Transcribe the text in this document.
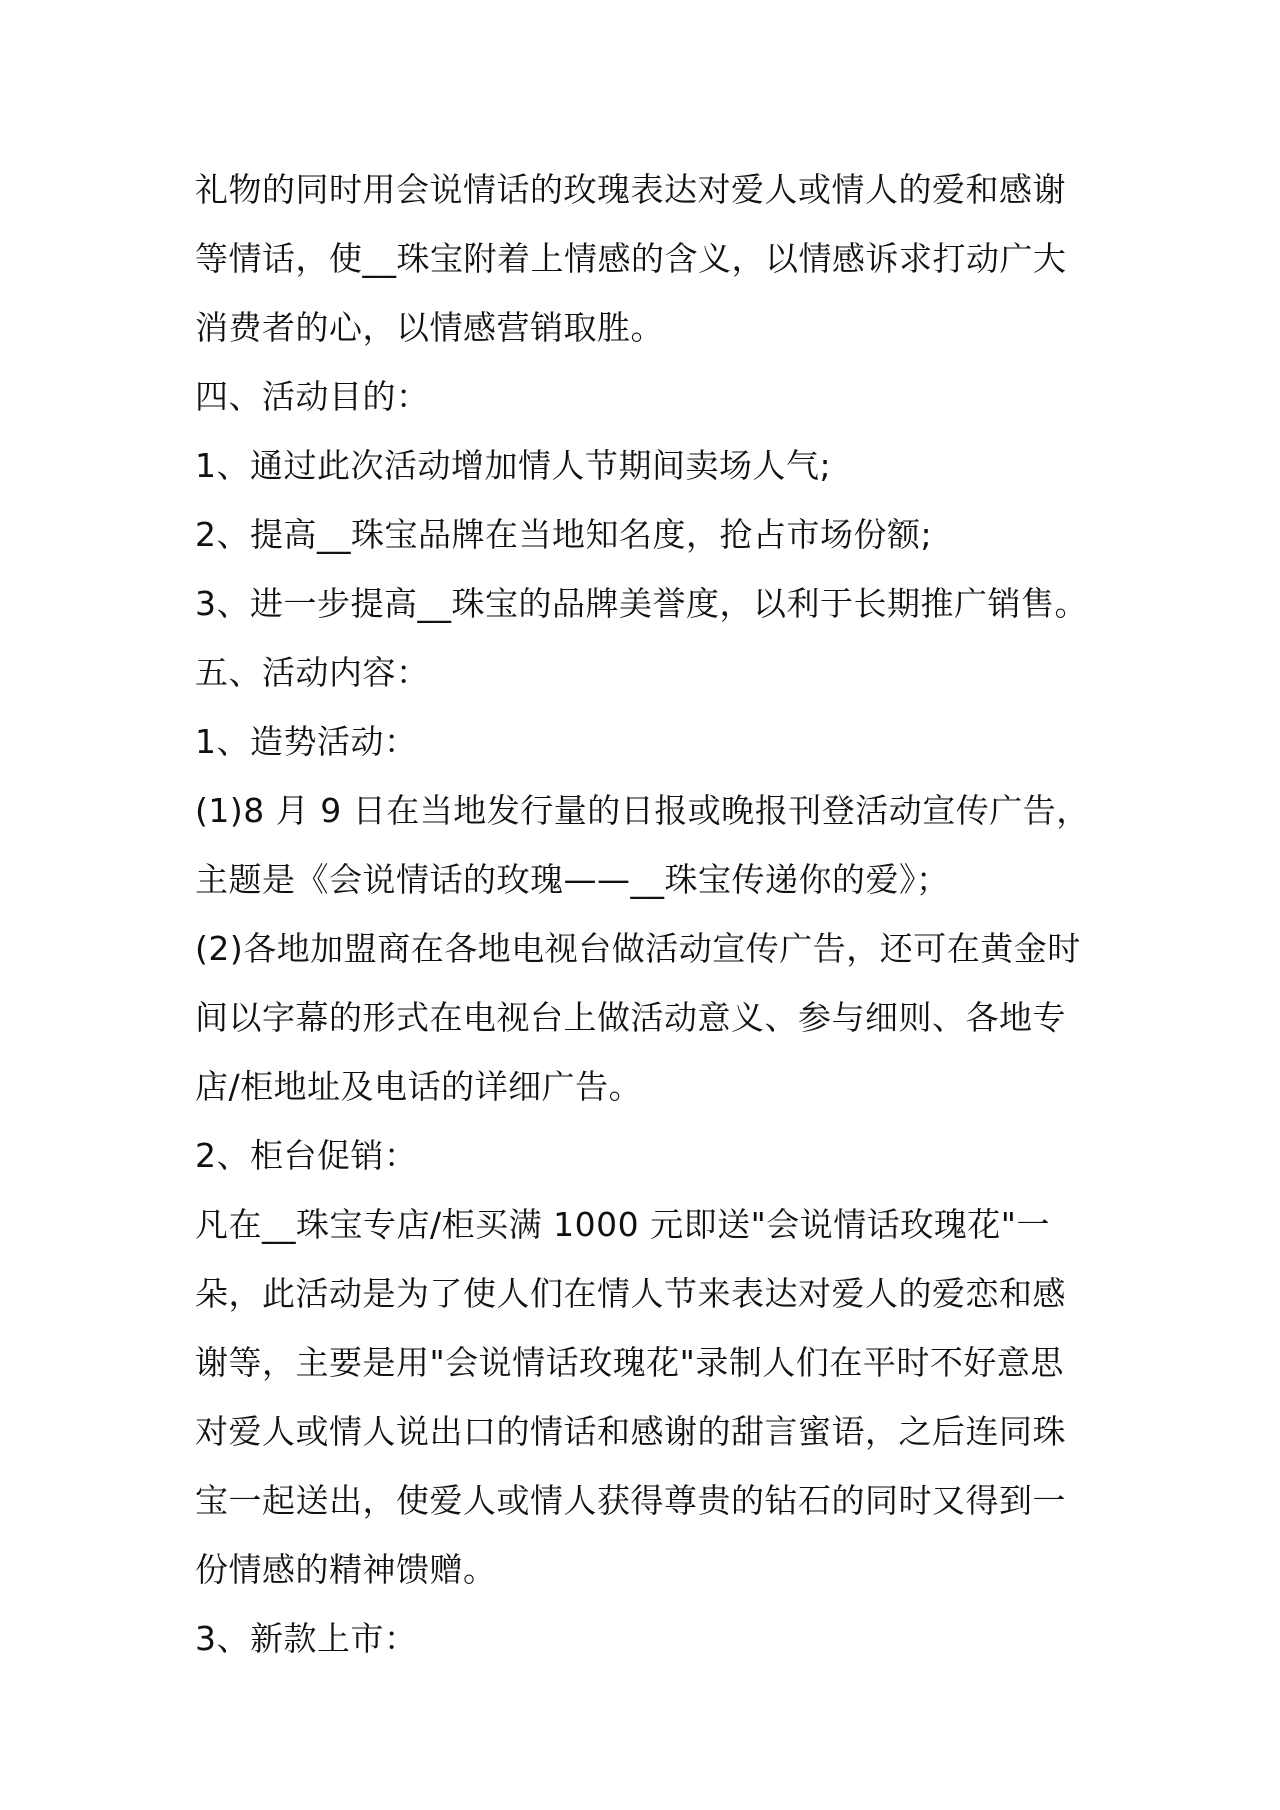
礼物的同时用会说情话的玫瑰表达对爱人或情人的爱和感谢等情话，使__珠宝附着上情感的含义，以情感诉求打动广大消费者的心，以情感营销取胜。

四、活动目的：

1、通过此次活动增加情人节期间卖场人气;

2、提高__珠宝品牌在当地知名度，抢占市场份额;

3、进一步提高__珠宝的品牌美誉度，以利于长期推广销售。

五、活动内容：

1、造势活动：

(1)8 月 9 日在当地发行量的日报或晚报刊登活动宣传广告，主题是《会说情话的玫瑰——__珠宝传递你的爱》；

(2)各地加盟商在各地电视台做活动宣传广告，还可在黄金时间以字幕的形式在电视台上做活动意义、参与细则、各地专店/柜地址及电话的详细广告。

2、柜台促销：

凡在__珠宝专店/柜买满 1000 元即送"会说情话玫瑰花"一朵，此活动是为了使人们在情人节来表达对爱人的爱恋和感谢等，主要是用"会说情话玫瑰花"录制人们在平时不好意思对爱人或情人说出口的情话和感谢的甜言蜜语，之后连同珠宝一起送出，使爱人或情人获得尊贵的钻石的同时又得到一份情感的精神馈赠。

3、新款上市：
